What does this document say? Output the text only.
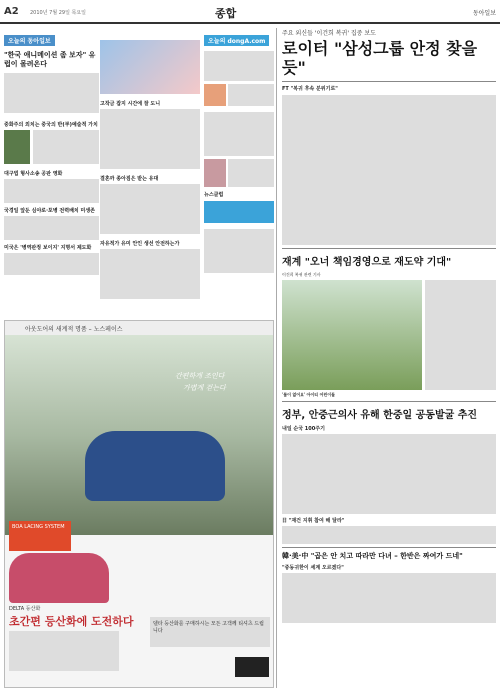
A2 2010년 7월 29일 목요일	종합	동아일보
오늘의 동아일보
"한국 애니메이션 좀 보자" 유럽이 몰려온다
중화주의 외치는 중국의 반(半)예술적 가치
대구법 형사소송 공판 영화
국경일 앞둔 심야로·포병 전력배치 미생존
미국은 '병역판정 보이지' 지명서 제도화
고작금 잡지 시간에 잘 도니
결혼까 종아짐은 받는 유대
자유적가 유미 안인 생선 안전하는가
오늘의 dongA.com
뉴스클럽
아웃도어의 새계적 명품 – 노스페이스
간편하게 조인다
가볍게 걷는다
BOA LACING SYSTEM
DELTA 등산화
초간편 등산화에 도전하다	델타 등산화를 구매하시는 모든 고객께 티셔츠 드립니다
주요 외신들 '이건희 복귀' 집중 보도
로이터 "삼성그룹 안정 찾을 듯"
FT "복귀 후속 분위기로"
재계 "오너 책임경영으로 재도약 기대"
이건희 복귀 관련 기사
'물이 없어요' 아이티 어린이들
정부, 안중근의사 유해 한중일 공동발굴 추진
내일 순국 100주기
日 "재건 지휘 참여 해 달라"
韓·美·中 "곱은 안 치고 따라만 다녀 – 한반은 짜여가 드네"
"중동귀한이 세계 오르겠다"
